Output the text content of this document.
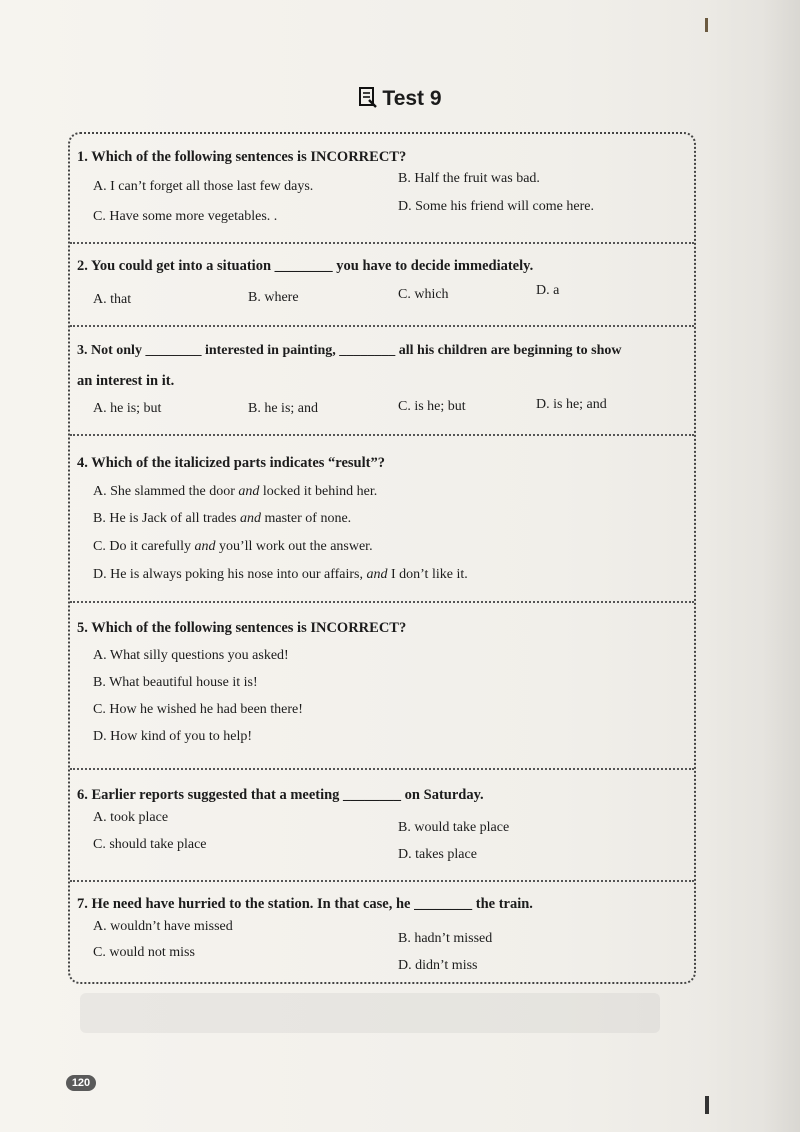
Test 9
1. Which of the following sentences is INCORRECT?
A. I can’t forget all those last few days.
B. Half the fruit was bad.
C. Have some more vegetables. .
D. Some his friend will come here.
2. You could get into a situation ________ you have to decide immediately.
A. that	B. where	C. which	D. a
3. Not only ________ interested in painting, ________ all his children are beginning to show
an interest in it.
A. he is; but	B. he is; and	C. is he; but	D. is he; and
4. Which of the italicized parts indicates “result”?
A. She slammed the door and locked it behind her.
B. He is Jack of all trades and master of none.
C. Do it carefully and you’ll work out the answer.
D. He is always poking his nose into our affairs, and I don’t like it.
5. Which of the following sentences is INCORRECT?
A. What silly questions you asked!
B. What beautiful house it is!
C. How he wished he had been there!
D. How kind of you to help!
6. Earlier reports suggested that a meeting ________ on Saturday.
A. took place
B. would take place
C. should take place
D. takes place
7. He need have hurried to the station. In that case, he ________ the train.
A. wouldn’t have missed
B. hadn’t missed
C. would not miss
D. didn’t miss
120
